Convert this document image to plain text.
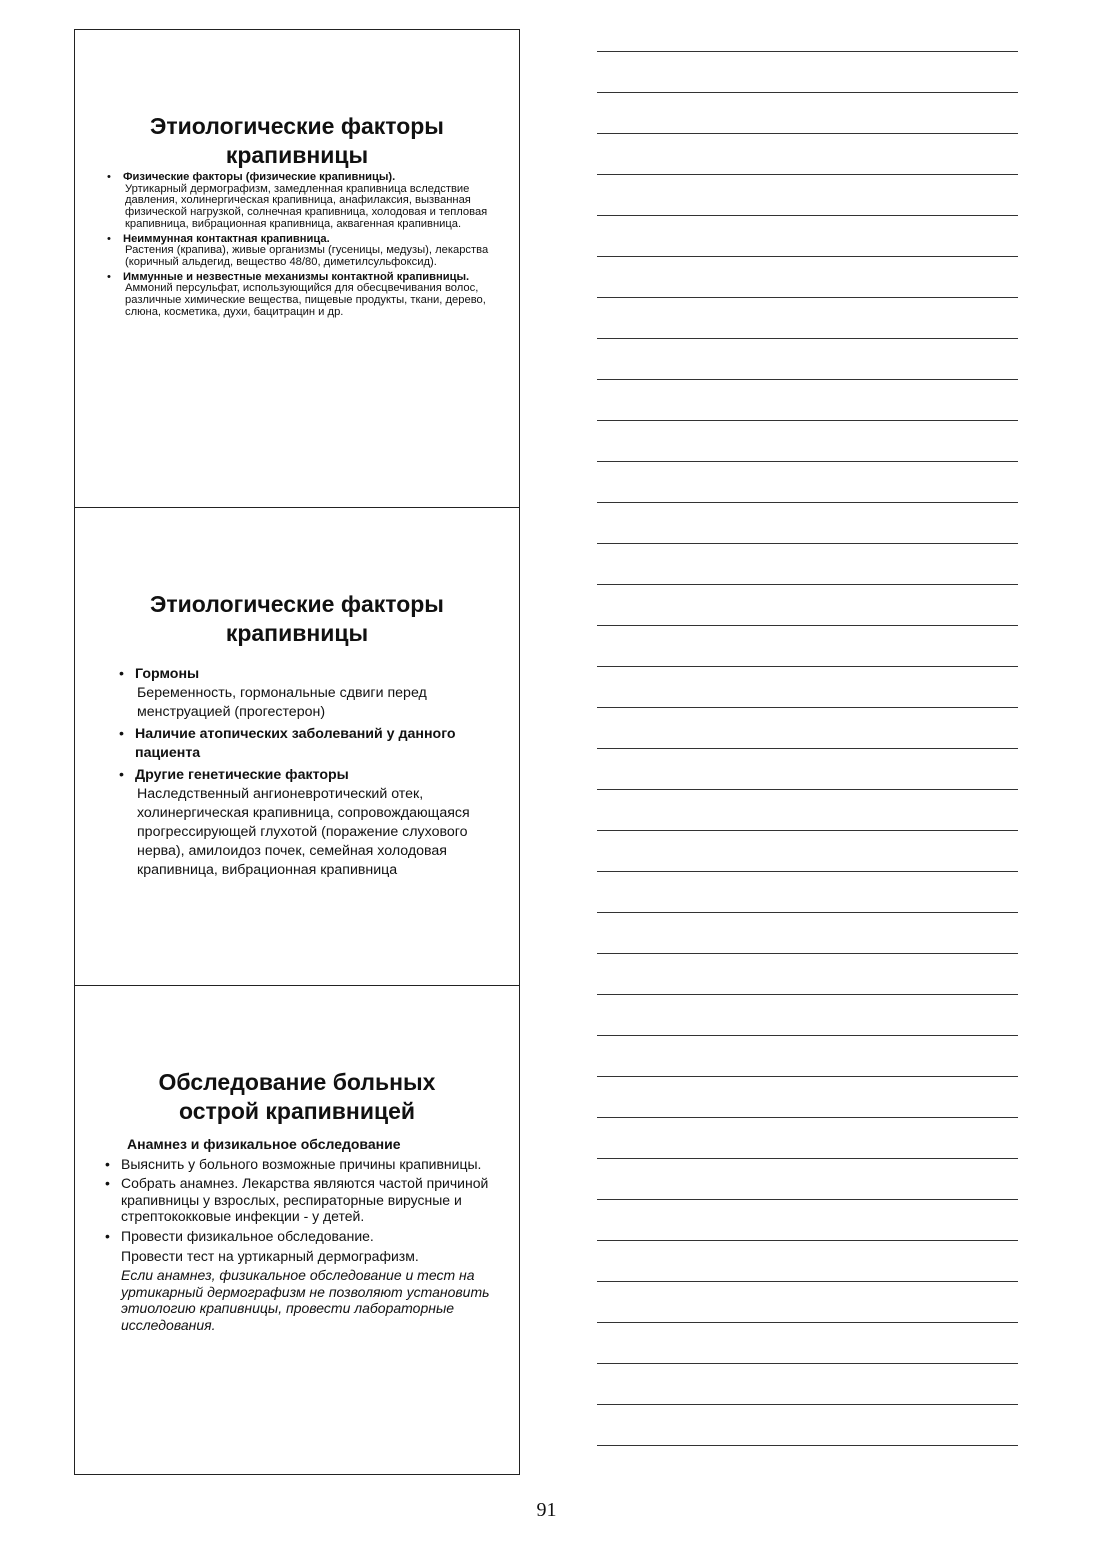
Этиологические факторы
крапивницы
• Физические факторы (физические крапивницы).
Уртикарный дермографизм, замедленная крапивница вследствие давления, холинергическая крапивница, анафилаксия, вызванная физической нагрузкой, солнечная крапивница, холодовая и тепловая крапивница, вибрационная крапивница, аквагенная крапивница.
• Неиммунная контактная крапивница.
Растения (крапива), живые организмы (гусеницы, медузы), лекарства (коричный альдегид, вещество 48/80, диметилсульфоксид).
• Иммунные и незвестные механизмы контактной крапивницы.
Аммоний персульфат, использующийся для обесцвечивания волос, различные химические вещества, пищевые продукты, ткани, дерево, слюна, косметика, духи, бацитрацин и др.
Этиологические факторы
крапивницы
• Гормоны
Беременность, гормональные сдвиги перед менструацией (прогестерон)
• Наличие атопических заболеваний у данного пациента
• Другие генетические факторы
Наследственный ангионевротический отек, холинергическая крапивница, сопровождающаяся прогрессирующей глухотой (поражение слухового нерва), амилоидоз почек, семейная холодовая крапивница, вибрационная крапивница
Обследование больных
острой крапивницей
Анамнез и физикальное обследование
• Выяснить у больного возможные причины крапивницы.
• Собрать анамнез. Лекарства являются частой причиной крапивницы у взрослых, респираторные вирусные и стрептококковые инфекции - у детей.
• Провести физикальное обследование.
Провести тест на уртикарный дермографизм.
Если анамнез, физикальное обследование и тест на уртикарный дермографизм не позволяют установить этиологию крапивницы, провести лабораторные исследования.
91
